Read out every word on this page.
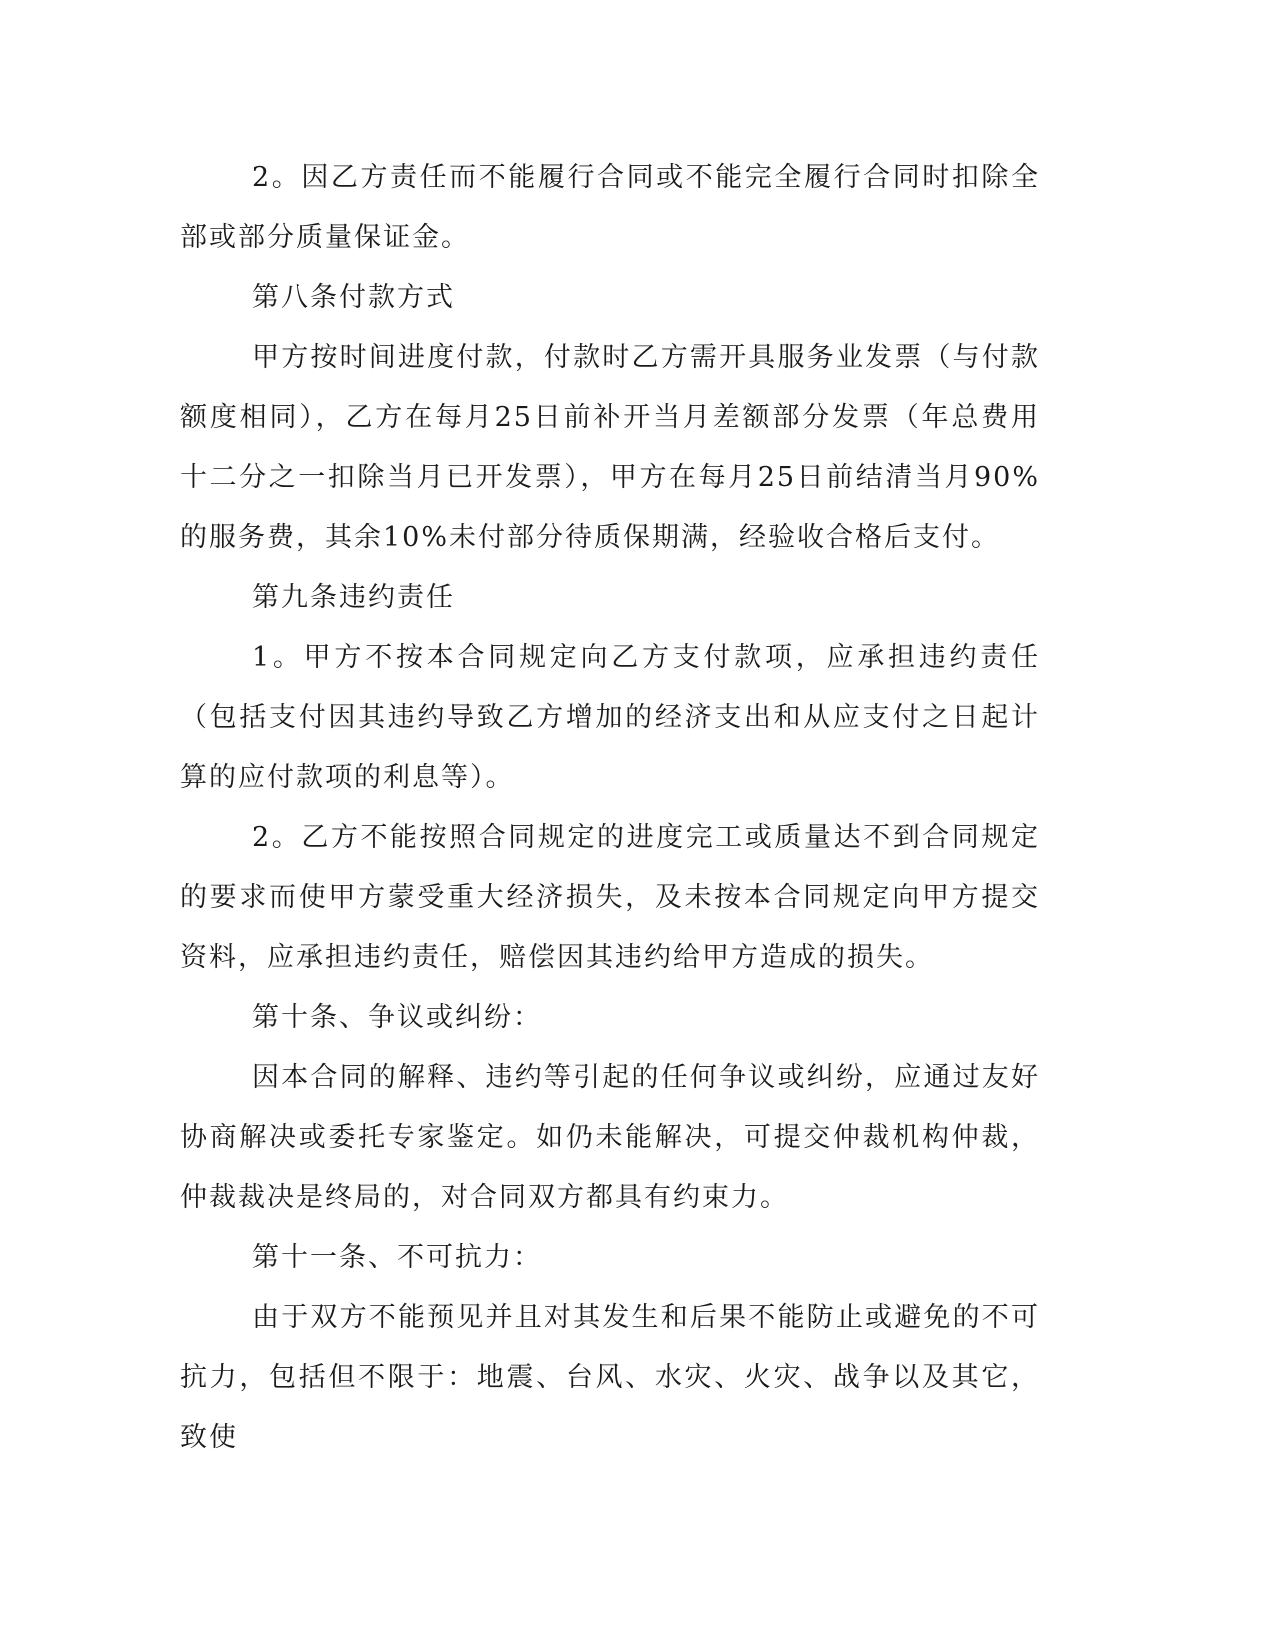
2。因乙方责任而不能履行合同或不能完全履行合同时扣除全部或部分质量保证金。

第八条付款方式

甲方按时间进度付款，付款时乙方需开具服务业发票（与付款额度相同），乙方在每月25日前补开当月差额部分发票（年总费用十二分之一扣除当月已开发票），甲方在每月25日前结清当月90%的服务费，其余10%未付部分待质保期满，经验收合格后支付。

第九条违约责任

1。甲方不按本合同规定向乙方支付款项，应承担违约责任（包括支付因其违约导致乙方增加的经济支出和从应支付之日起计算的应付款项的利息等）。

2。乙方不能按照合同规定的进度完工或质量达不到合同规定的要求而使甲方蒙受重大经济损失，及未按本合同规定向甲方提交资料，应承担违约责任，赔偿因其违约给甲方造成的损失。

第十条、争议或纠纷：

因本合同的解释、违约等引起的任何争议或纠纷，应通过友好协商解决或委托专家鉴定。如仍未能解决，可提交仲裁机构仲裁，仲裁裁决是终局的，对合同双方都具有约束力。

第十一条、不可抗力：

由于双方不能预见并且对其发生和后果不能防止或避免的不可抗力，包括但不限于：地震、台风、水灾、火灾、战争以及其它，致使
